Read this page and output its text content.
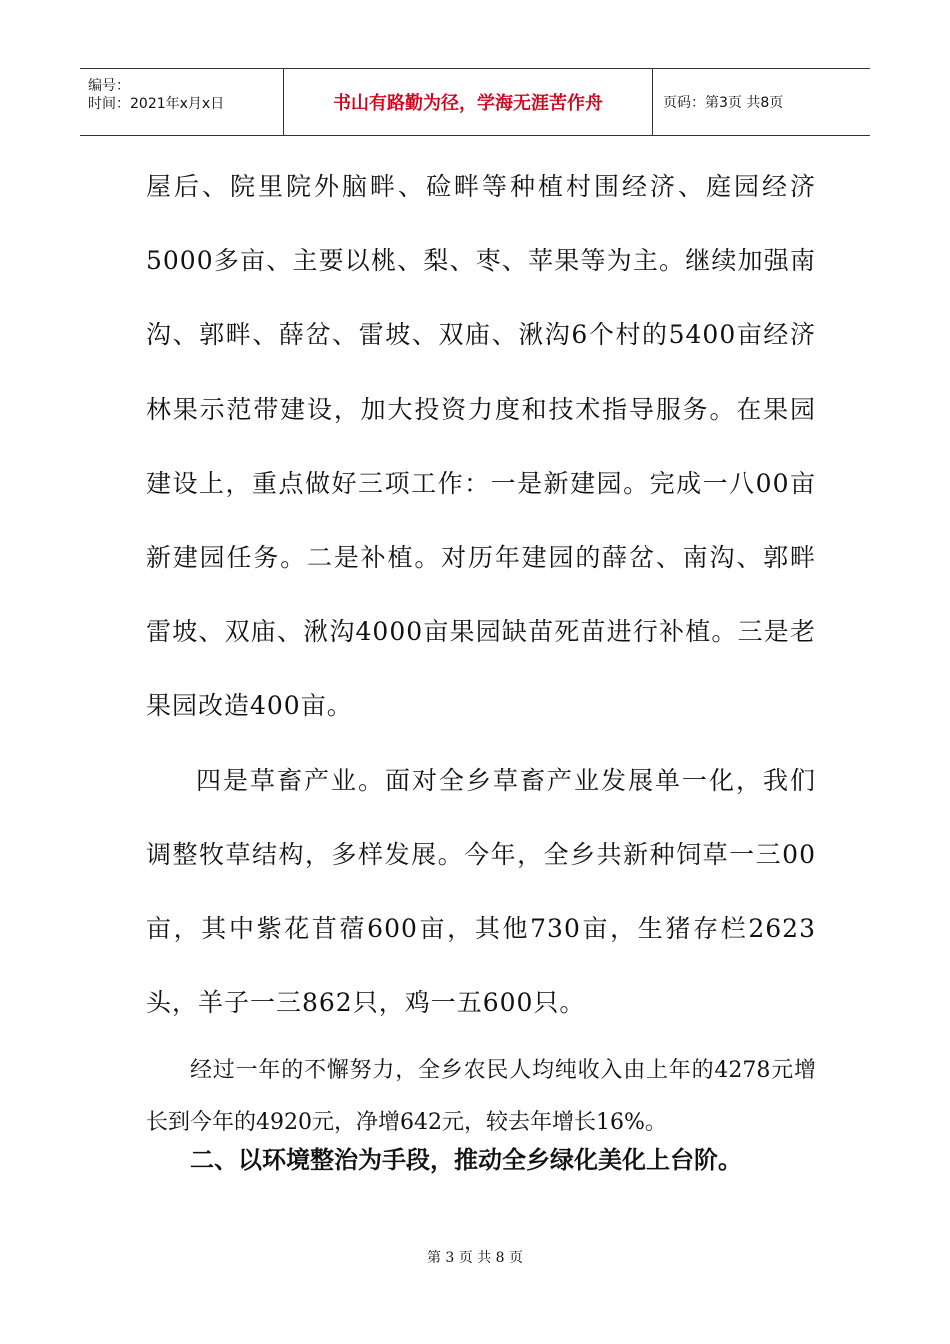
编号：
时间：2021年x月x日	书山有路勤为径，学海无涯苦作舟	页码：第3页 共8页

屋后、院里院外脑畔、硷畔等种植村围经济、庭园经济5000多亩、主要以桃、梨、枣、苹果等为主。继续加强南沟、郭畔、薛岔、雷坡、双庙、湫沟6个村的5400亩经济林果示范带建设，加大投资力度和技术指导服务。在果园建设上，重点做好三项工作：一是新建园。完成一八00亩新建园任务。二是补植。对历年建园的薛岔、南沟、郭畔雷坡、双庙、湫沟4000亩果园缺苗死苗进行补植。三是老果园改造400亩。

四是草畜产业。面对全乡草畜产业发展单一化，我们调整牧草结构，多样发展。今年，全乡共新种饲草一三00亩，其中紫花苜蓿600亩，其他730亩，生猪存栏2623头，羊子一三862只，鸡一五600只。

经过一年的不懈努力，全乡农民人均纯收入由上年的4278元增长到今年的4920元，净增642元，较去年增长16%。

二、以环境整治为手段，推动全乡绿化美化上台阶。
第 3 页 共 8 页
